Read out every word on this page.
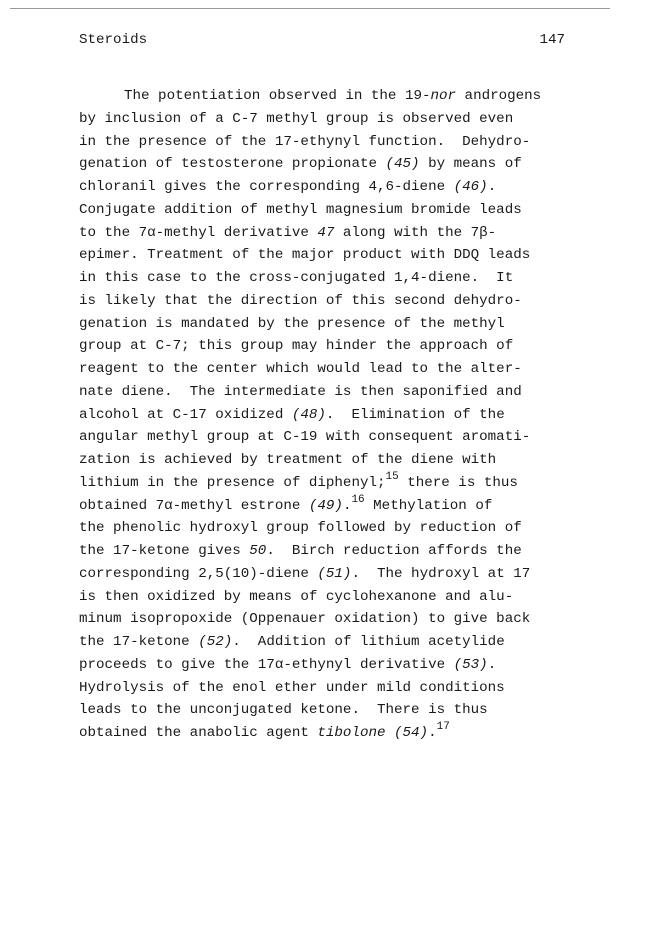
Steroids	147
The potentiation observed in the 19-nor androgens
by inclusion of a C-7 methyl group is observed even
in the presence of the 17-ethynyl function.  Dehydro-
genation of testosterone propionate (45) by means of
chloranil gives the corresponding 4,6-diene (46).
Conjugate addition of methyl magnesium bromide leads
to the 7α-methyl derivative 47 along with the 7β-
epimer. Treatment of the major product with DDQ leads
in this case to the cross-conjugated 1,4-diene.  It
is likely that the direction of this second dehydro-
genation is mandated by the presence of the methyl
group at C-7; this group may hinder the approach of
reagent to the center which would lead to the alter-
nate diene.  The intermediate is then saponified and
alcohol at C-17 oxidized (48).  Elimination of the
angular methyl group at C-19 with consequent aromati-
zation is achieved by treatment of the diene with
lithium in the presence of diphenyl;$^{15}$ there is thus
obtained 7α-methyl estrone (49).$^{16}$ Methylation of
the phenolic hydroxyl group followed by reduction of
the 17-ketone gives 50.  Birch reduction affords the
corresponding 2,5(10)-diene (51).  The hydroxyl at 17
is then oxidized by means of cyclohexanone and alu-
minum isopropoxide (Oppenauer oxidation) to give back
the 17-ketone (52).  Addition of lithium acetylide
proceeds to give the 17α-ethynyl derivative (53).
Hydrolysis of the enol ether under mild conditions
leads to the unconjugated ketone.  There is thus
obtained the anabolic agent tibolone (54).$^{17}$
